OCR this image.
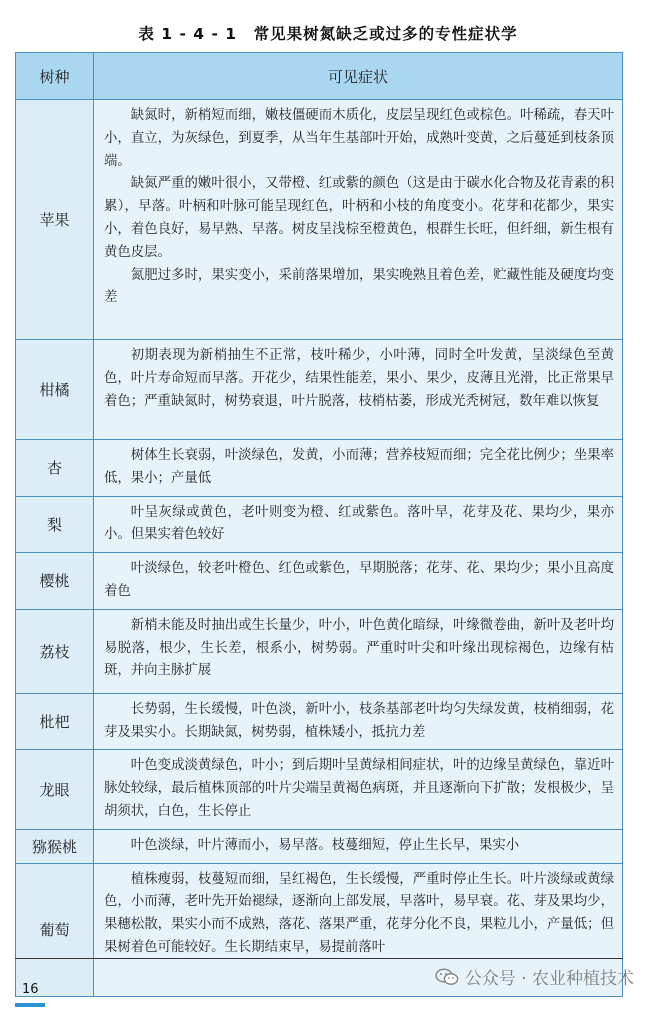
表 1 - 4 - 1　常见果树氮缺乏或过多的专性症状学
树种	可见症状
苹果	缺氮时，新梢短而细，嫩枝僵硬而木质化，皮层呈现红色或棕色。叶稀疏，春天叶小，直立，为灰绿色，到夏季，从当年生基部叶开始，成熟叶变黄，之后蔓延到枝条顶端。

缺氮严重的嫩叶很小，又带橙、红或紫的颜色（这是由于碳水化合物及花青素的积累），早落。叶柄和叶脉可能呈现红色，叶柄和小枝的角度变小。花芽和花都少，果实小，着色良好，易早熟、早落。树皮呈浅棕至橙黄色，根群生长旺，但纤细，新生根有黄色皮层。

氮肥过多时，果实变小，采前落果增加，果实晚熟且着色差，贮藏性能及硬度均变差

柑橘	初期表现为新梢抽生不正常，枝叶稀少，小叶薄，同时全叶发黄，呈淡绿色至黄色，叶片寿命短而早落。开花少，结果性能差，果小、果少，皮薄且光滑，比正常果早着色；严重缺氮时，树势衰退，叶片脱落，枝梢枯萎，形成光秃树冠，数年难以恢复

杏	树体生长衰弱，叶淡绿色，发黄，小而薄；营养枝短而细；完全花比例少；坐果率低，果小；产量低

梨	叶呈灰绿或黄色，老叶则变为橙、红或紫色。落叶早，花芽及花、果均少，果亦小。但果实着色较好

樱桃	叶淡绿色，较老叶橙色、红色或紫色，早期脱落；花芽、花、果均少；果小且高度着色

荔枝	新梢未能及时抽出或生长量少，叶小，叶色黄化暗绿，叶缘微卷曲，新叶及老叶均易脱落，根少，生长差，根系小，树势弱。严重时叶尖和叶缘出现棕褐色，边缘有枯斑，并向主脉扩展

枇杷	长势弱，生长缓慢，叶色淡，新叶小，枝条基部老叶均匀失绿发黄，枝梢细弱，花芽及果实小。长期缺氮，树势弱，植株矮小，抵抗力差

龙眼	叶色变成淡黄绿色，叶小；到后期叶呈黄绿相间症状，叶的边缘呈黄绿色，靠近叶脉处较绿，最后植株顶部的叶片尖端呈黄褐色病斑，并且逐渐向下扩散；发根极少，呈胡须状，白色，生长停止

猕猴桃	叶色淡绿，叶片薄而小，易早落。枝蔓细短，停止生长早，果实小

葡萄	植株瘦弱，枝蔓短而细，呈红褐色，生长缓慢，严重时停止生长。叶片淡绿或黄绿色，小而薄，老叶先开始褪绿，逐渐向上部发展，早落叶，易早衰。花、芽及果均少，果穗松散，果实小而不成熟，落花、落果严重，花芽分化不良，果粒儿小，产量低；但果树着色可能较好。生长期结束早，易提前落叶

16
公众号 · 农业种植技术
